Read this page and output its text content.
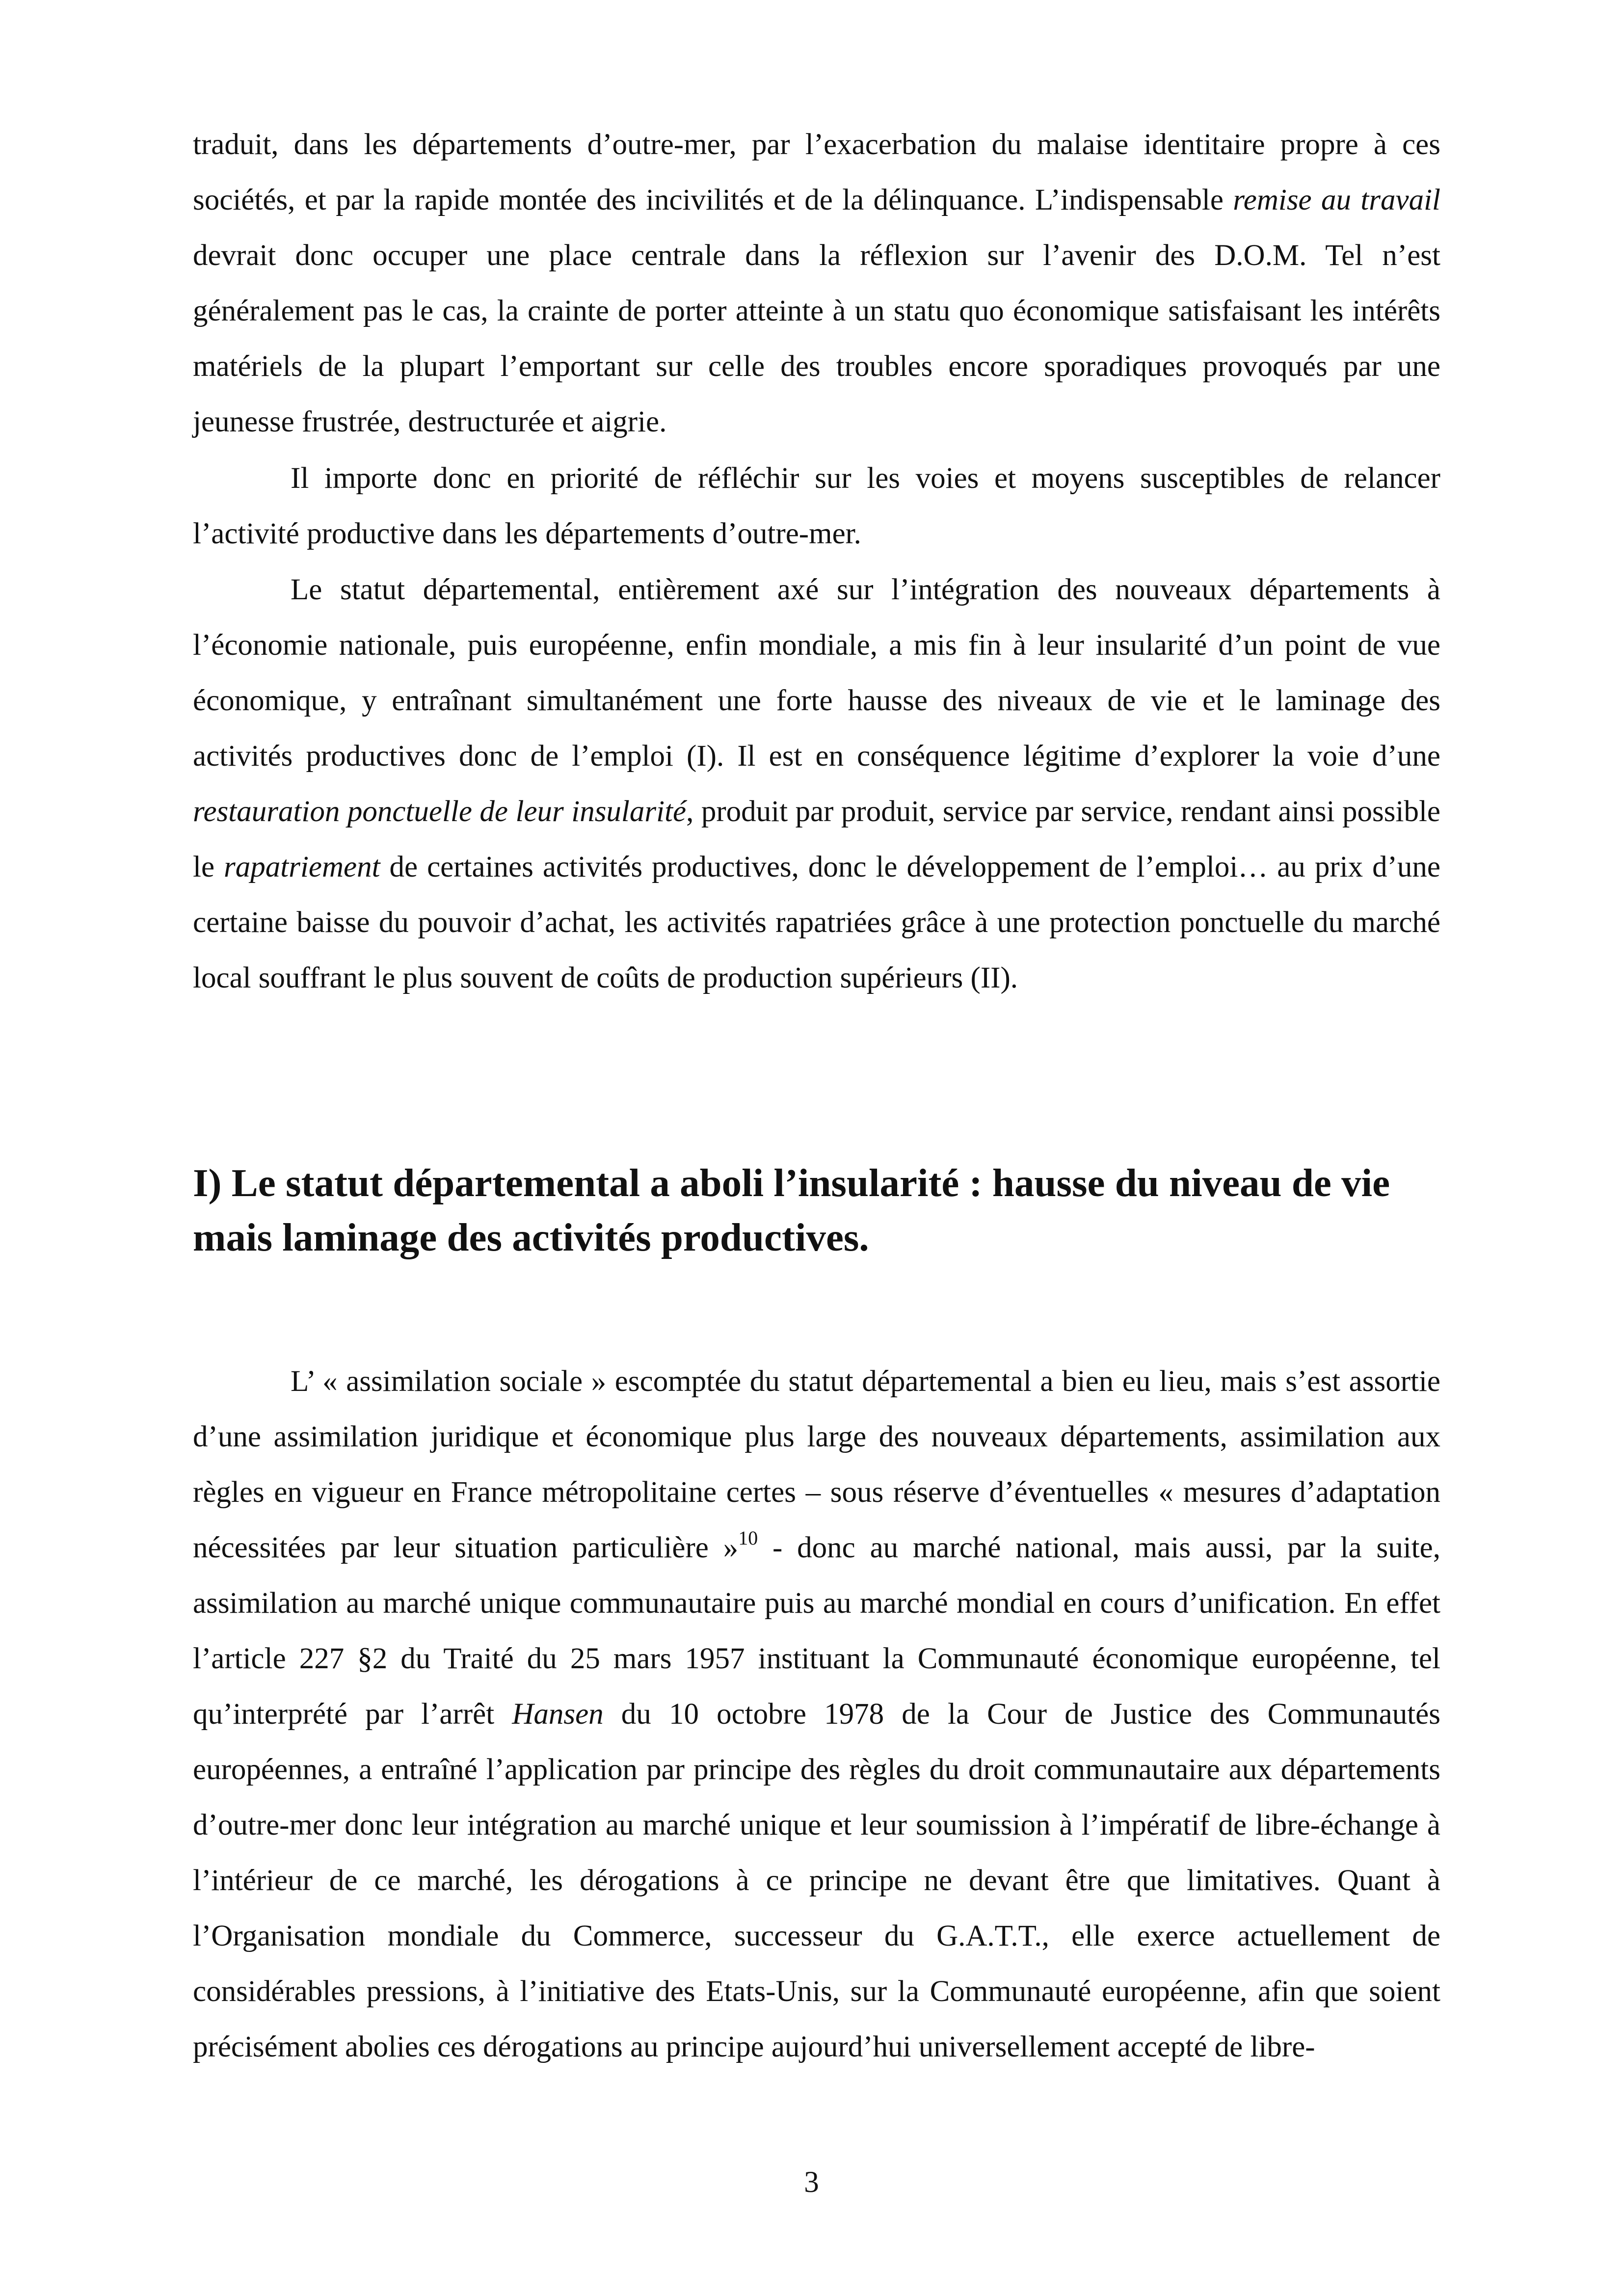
traduit, dans les départements d’outre-mer, par l’exacerbation du malaise identitaire propre à ces sociétés, et par la rapide montée des incivilités et de la délinquance. L’indispensable remise au travail devrait donc occuper une place centrale dans la réflexion sur l’avenir des D.O.M. Tel n’est généralement pas le cas, la crainte de porter atteinte à un statu quo économique satisfaisant les intérêts matériels de la plupart l’emportant sur celle des troubles encore sporadiques provoqués par une jeunesse frustrée, destructurée et aigrie.

Il importe donc en priorité de réfléchir sur les voies et moyens susceptibles de relancer l’activité productive dans les départements d’outre-mer.

Le statut départemental, entièrement axé sur l’intégration des nouveaux départements à l’économie nationale, puis européenne, enfin mondiale, a mis fin à leur insularité d’un point de vue économique, y entraînant simultanément une forte hausse des niveaux de vie et le laminage des activités productives donc de l’emploi (I). Il est en conséquence légitime d’explorer la voie d’une restauration ponctuelle de leur insularité, produit par produit, service par service, rendant ainsi possible le rapatriement de certaines activités productives, donc le développement de l’emploi… au prix d’une certaine baisse du pouvoir d’achat, les activités rapatriées grâce à une protection ponctuelle du marché local souffrant le plus souvent de coûts de production supérieurs (II).

I) Le statut départemental a aboli l’insularité : hausse du niveau de vie mais laminage des activités productives.

L’ « assimilation sociale » escomptée du statut départemental a bien eu lieu, mais s’est assortie d’une assimilation juridique et économique plus large des nouveaux départements, assimilation aux règles en vigueur en France métropolitaine certes – sous réserve d’éventuelles « mesures d’adaptation nécessitées par leur situation particulière »$^{10}$ - donc au marché national, mais aussi, par la suite, assimilation au marché unique communautaire puis au marché mondial en cours d’unification. En effet l’article 227 §2 du Traité du 25 mars 1957 instituant la Communauté économique européenne, tel qu’interprété par l’arrêt Hansen du 10 octobre 1978 de la Cour de Justice des Communautés européennes, a entraîné l’application par principe des règles du droit communautaire aux départements d’outre-mer donc leur intégration au marché unique et leur soumission à l’impératif de libre-échange à l’intérieur de ce marché, les dérogations à ce principe ne devant être que limitatives. Quant à l’Organisation mondiale du Commerce, successeur du G.A.T.T., elle exerce actuellement de considérables pressions, à l’initiative des Etats-Unis, sur la Communauté européenne, afin que soient précisément abolies ces dérogations au principe aujourd’hui universellement accepté de libre-

3
